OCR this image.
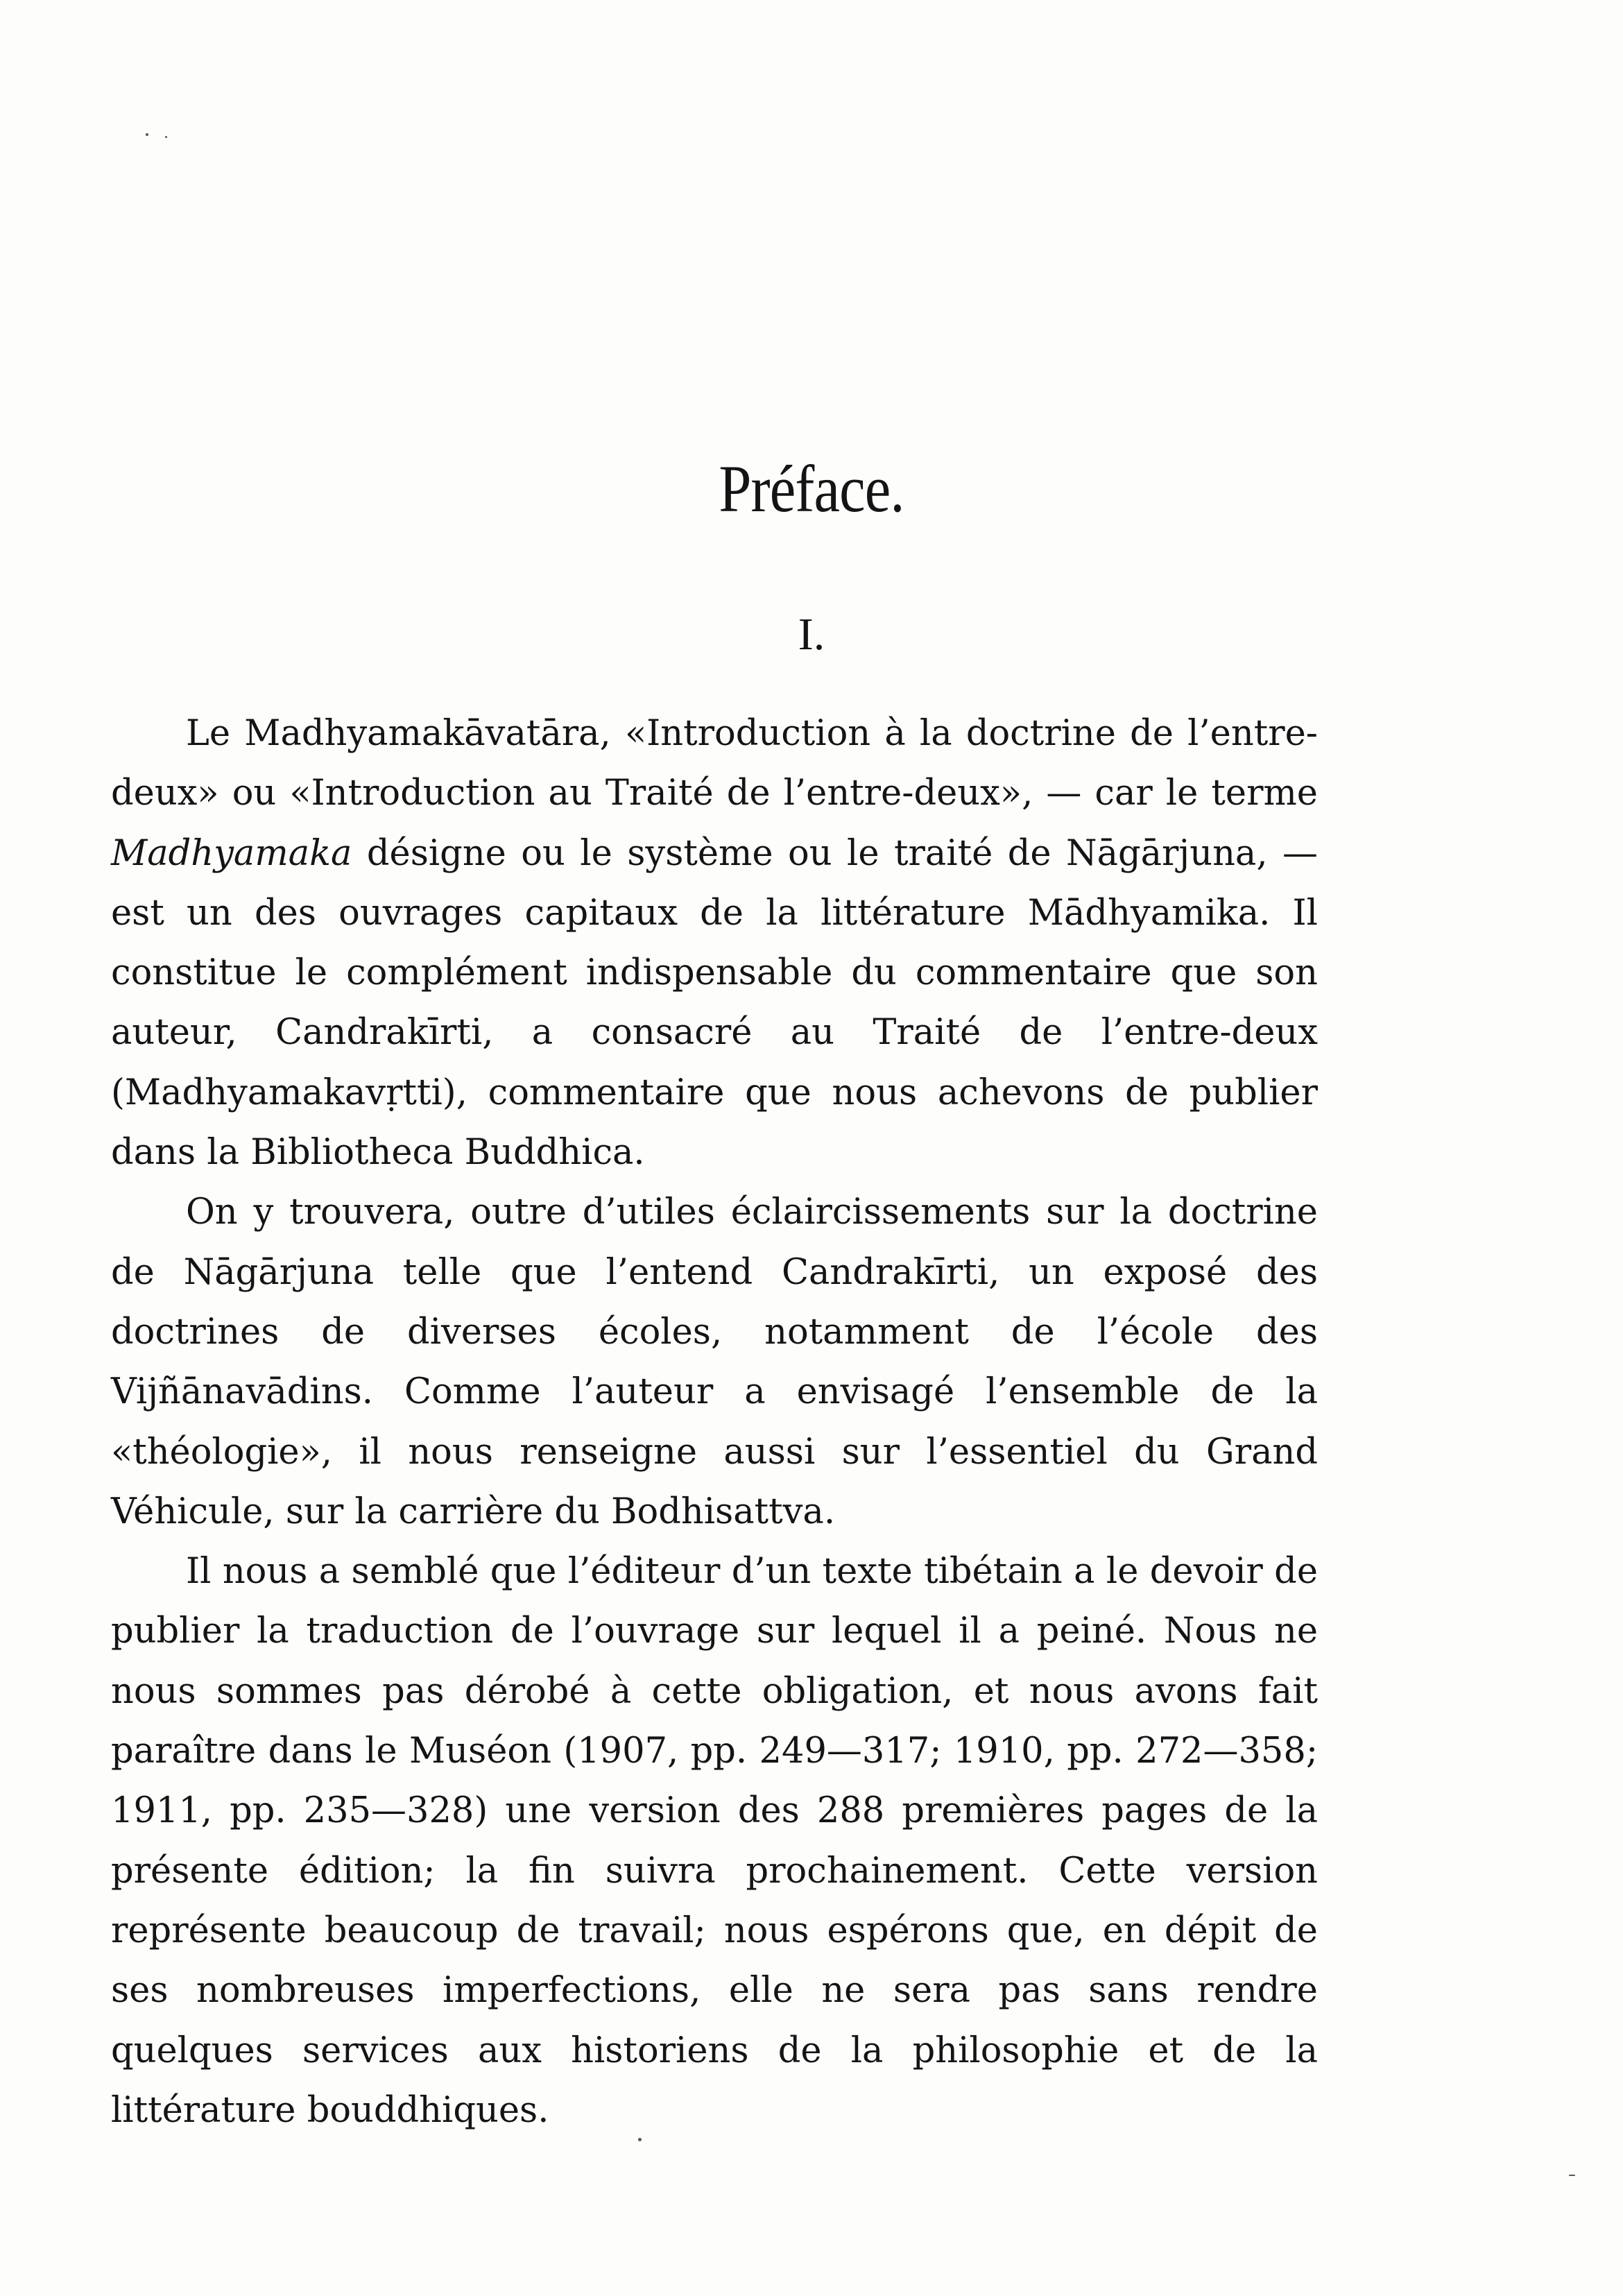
Préface.
I.

Le Madhyamakāvatāra, «Introduction à la doctrine de l’entre-deux» ou «Introduction au Traité de l’entre-deux», — car le terme Madhyamaka désigne ou le système ou le traité de Nāgārjuna, — est un des ouvrages capitaux de la littérature Mādhyamika. Il constitue le complément indispensable du commentaire que son auteur, Candrakīrti, a consacré au Traité de l’entre-deux (Madhyamakavṛtti), commentaire que nous achevons de publier dans la Bibliotheca Buddhica.

On y trouvera, outre d’utiles éclaircissements sur la doctrine de Nāgārjuna telle que l’entend Candrakīrti, un exposé des doctrines de diverses écoles, notamment de l’école des Vijñānavādins. Comme l’auteur a envisagé l’ensemble de la «théologie», il nous renseigne aussi sur l’essentiel du Grand Véhicule, sur la carrière du Bodhisattva.

Il nous a semblé que l’éditeur d’un texte tibétain a le devoir de publier la traduction de l’ouvrage sur lequel il a peiné. Nous ne nous sommes pas dérobé à cette obligation, et nous avons fait paraître dans le Muséon (1907, pp. 249—317; 1910, pp. 272—358; 1911, pp. 235—328) une version des 288 premières pages de la présente édition; la fin suivra prochainement. Cette version représente beaucoup de travail; nous espérons que, en dépit de ses nombreuses imperfections, elle ne sera pas sans rendre quelques services aux historiens de la philosophie et de la littérature bouddhiques.
